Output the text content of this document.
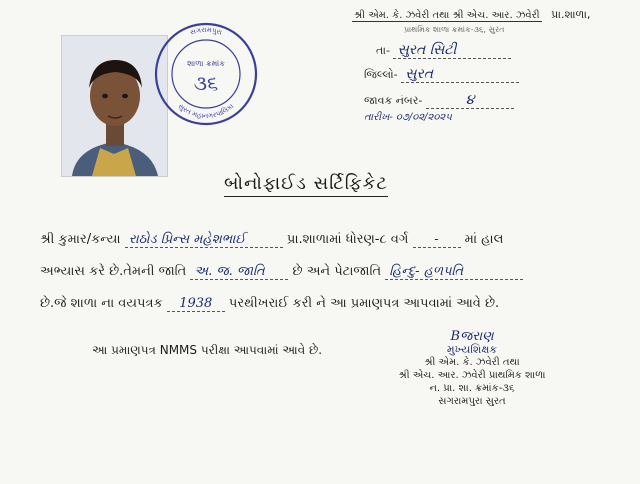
શ્રી એમ. કે. ઝવેરી તથા શ્રી એચ. આર. ઝવેરી પ્રા.શાળા,
પ્રાથમિક શાળા ક્રમાંક-૩૬, સુરત
તા- સુરત સિટી
જિલ્લો- સુરત
જાવક નંબર-	૪
તારીખ- ૦૭/૦૨/૨૦૨૫
સગરામપુરા
સુરત મહાનગરપાલિકા
શાળા ક્રમાંક
૩૬
બોનોફાઈડ સર્ટિફિકેટ
શ્રી કુમાર/કન્યા રાઠોડ પ્રિન્સ મહેશભાઈ	પ્રા.શાળામાં ધોરણ-૮ વર્ગ - માં હાલ
અભ્યાસ કરે છે.તેમની જાતિ અ. જ. જાતિ છે અને પેટાજાતિ હિન્દુ- હળપતિ
છે.જે શાળા ના વયપત્રક 1938 પરથીખરાઈ કરી ને આ પ્રમાણપત્ર આપવામાં આવે છે.
આ પ્રમાણપત્ર NMMS પરીક્ષા આપવામાં આવે છે.
Bજરાણ
મુખ્યશિક્ષક
શ્રી એમ. કે. ઝવેરી તથા
શ્રી એચ. આર. ઝવેરી પ્રાથમિક શાળા
ન. પ્રા. શા. ક્રમાંક-૩૬
સગરામપુરા સુરત
